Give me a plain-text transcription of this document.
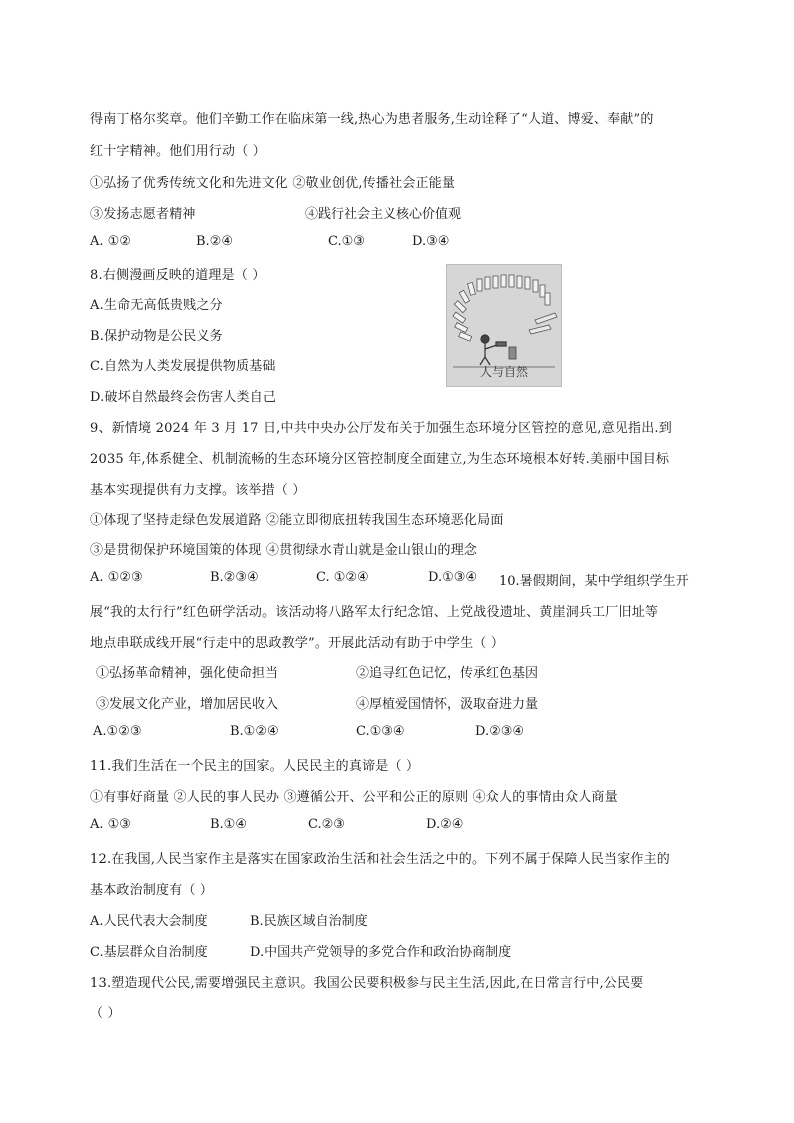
得南丁格尔奖章。他们辛勤工作在临床第一线,热心为患者服务,生动诠释了“人道、博爱、奉献”的
红十字精神。他们用行动（ ）
①弘扬了优秀传统文化和先进文化 ②敬业创优,传播社会正能量
③发扬志愿者精神	④践行社会主义核心价值观
A. ①②	B.②④	C.①③	D.③④
8.右侧漫画反映的道理是（ ）
A.生命无高低贵贱之分
B.保护动物是公民义务
C.自然为人类发展提供物质基础
D.破坏自然最终会伤害人类自己
人与自然
9、新情境 2024 年 3 月 17 日,中共中央办公厅发布关于加强生态环境分区管控的意见,意见指出.到
2035 年,体系健全、机制流畅的生态环境分区管控制度全面建立,为生态环境根本好转.美丽中国目标
基本实现提供有力支撑。该举措（ ）
①体现了坚持走绿色发展道路 ②能立即彻底扭转我国生态环境恶化局面
③是贯彻保护环境国策的体现 ④贯彻绿水青山就是金山银山的理念
A. ①②③	B.②③④	C. ①②④	D.①③④ 10.暑假期间，某中学组织学生开
展“我的太行行”红色研学活动。该活动将八路军太行纪念馆、上党战役遗址、黄崖洞兵工厂旧址等
地点串联成线开展“行走中的思政教学”。开展此活动有助于中学生（ ）
①弘扬革命精神，强化使命担当	②追寻红色记忆，传承红色基因
③发展文化产业，增加居民收入	④厚植爱国情怀，汲取奋进力量
A.①②③	B.①②④	C.①③④	D.②③④
11.我们生活在一个民主的国家。人民民主的真谛是（ ）
①有事好商量 ②人民的事人民办 ③遵循公开、公平和公正的原则 ④众人的事情由众人商量
A. ①③	B.①④	C.②③	D.②④
12.在我国,人民当家作主是落实在国家政治生活和社会生活之中的。下列不属于保障人民当家作主的
基本政治制度有（ ）
A.人民代表大会制度	B.民族区域自治制度
C.基层群众自治制度	D.中国共产党领导的多党合作和政治协商制度
13.塑造现代公民,需要增强民主意识。我国公民要积极参与民主生活,因此,在日常言行中,公民要
（ ）
